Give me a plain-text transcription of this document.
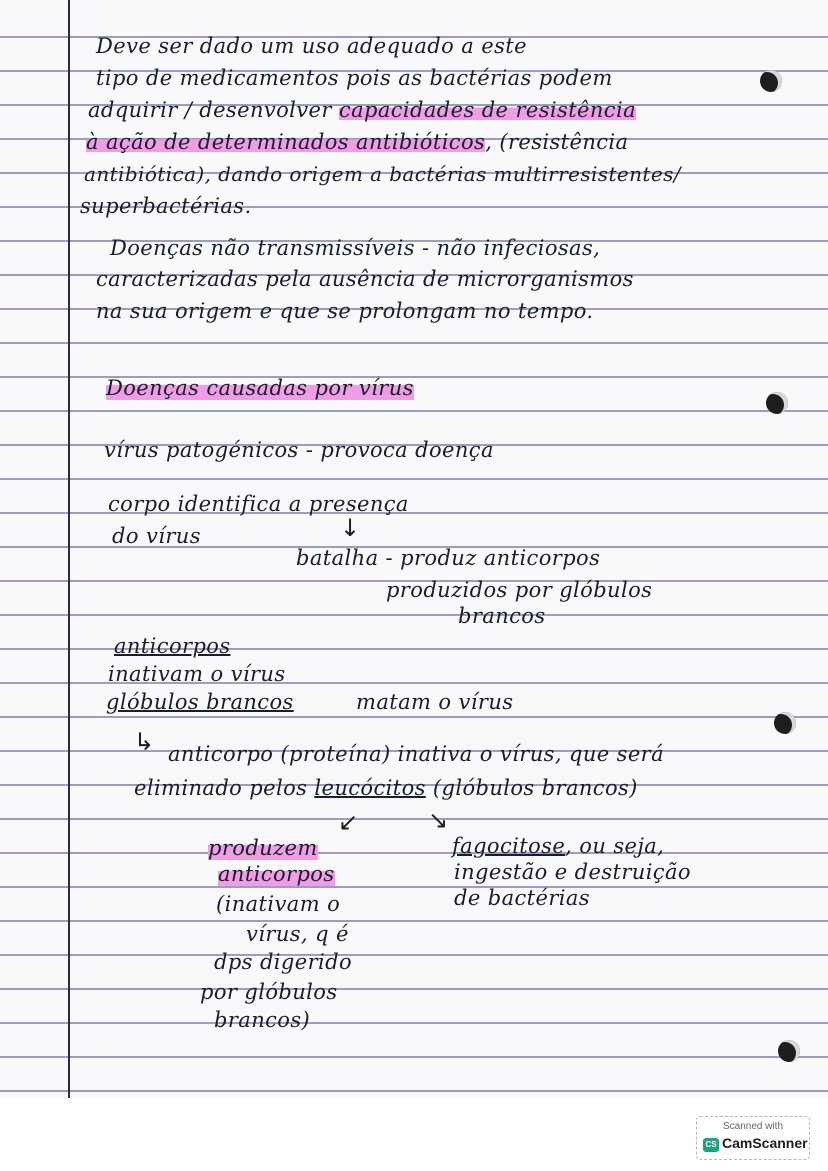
Deve ser dado um uso adequado a este
tipo de medicamentos pois as bactérias podem
adquirir / desenvolver capacidades de resistência
à ação de determinados antibióticos, (resistência
antibiótica), dando origem a bactérias multirresistentes/
superbactérias.
Doenças não transmissíveis - não infeciosas,
caracterizadas pela ausência de microrganismos
na sua origem e que se prolongam no tempo.
Doenças causadas por vírus
vírus patogénicos - provoca doença
corpo identifica a presença
do vírus	↓
batalha - produz anticorpos
produzidos por glóbulos
brancos
anticorpos
inativam o vírus
glóbulos brancos	matam o vírus
↳ anticorpo (proteína) inativa o vírus, que será
eliminado pelos leucócitos (glóbulos brancos)
↙	↘
produzem
anticorpos
(inativam o
vírus, q é
dps digerido
por glóbulos
brancos)
fagocitose, ou seja,
ingestão e destruição
de bactérias
Scanned with
CS CamScanner
